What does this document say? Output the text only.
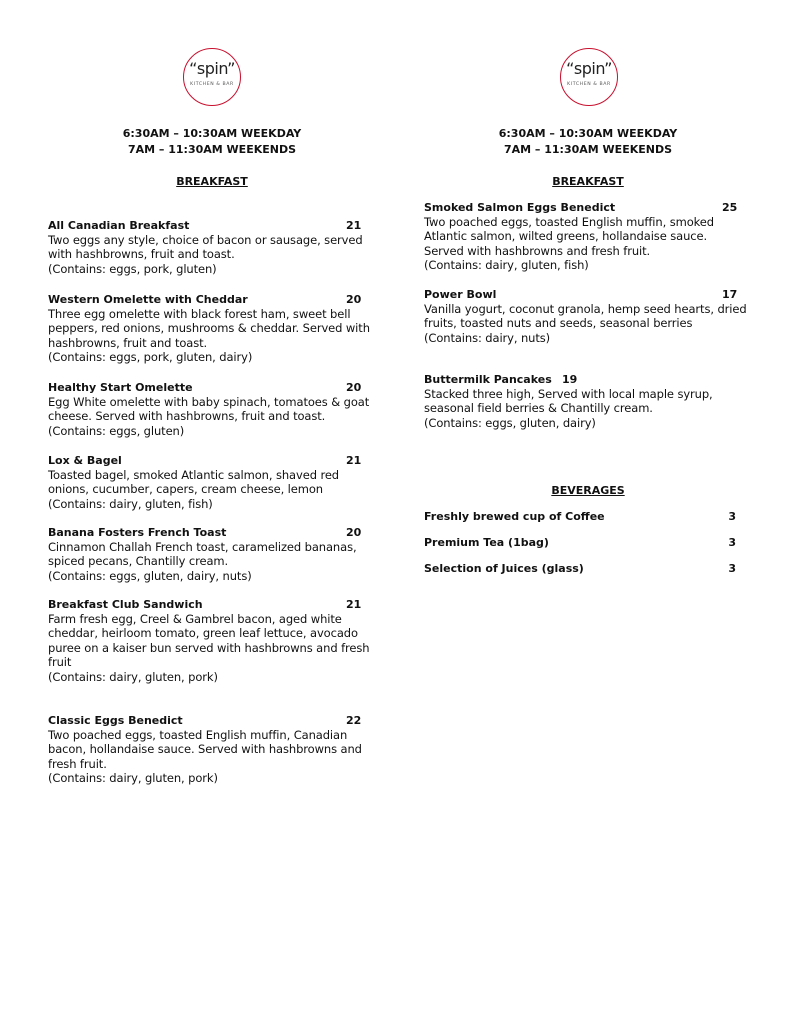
“spin”
KITCHEN & BAR
6:30AM – 10:30AM WEEKDAY
7AM – 11:30AM WEEKENDS
BREAKFAST
All Canadian Breakfast	21
Two eggs any style, choice of bacon or sausage, served
with hashbrowns, fruit and toast.
(Contains: eggs, pork, gluten)
Western Omelette with Cheddar	20
Three egg omelette with black forest ham, sweet bell
peppers, red onions, mushrooms & cheddar. Served with
hashbrowns, fruit and toast.
(Contains: eggs, pork, gluten, dairy)
Healthy Start Omelette	20
Egg White omelette with baby spinach, tomatoes & goat
cheese. Served with hashbrowns, fruit and toast.
(Contains: eggs, gluten)
Lox & Bagel	21
Toasted bagel, smoked Atlantic salmon, shaved red
onions, cucumber, capers, cream cheese, lemon
(Contains: dairy, gluten, fish)
Banana Fosters French Toast	20
Cinnamon Challah French toast, caramelized bananas,
spiced pecans, Chantilly cream.
(Contains: eggs, gluten, dairy, nuts)
Breakfast Club Sandwich	21
Farm fresh egg, Creel & Gambrel bacon, aged white
cheddar, heirloom tomato, green leaf lettuce, avocado
puree on a kaiser bun served with hashbrowns and fresh
fruit
(Contains: dairy, gluten, pork)
Classic Eggs Benedict	22
Two poached eggs, toasted English muffin, Canadian
bacon, hollandaise sauce. Served with hashbrowns and
fresh fruit.
(Contains: dairy, gluten, pork)
“spin”
KITCHEN & BAR
6:30AM – 10:30AM WEEKDAY
7AM – 11:30AM WEEKENDS
BREAKFAST
Smoked Salmon Eggs Benedict	25
Two poached eggs, toasted English muffin, smoked
Atlantic salmon, wilted greens, hollandaise sauce.
Served with hashbrowns and fresh fruit.
(Contains: dairy, gluten, fish)
Power Bowl	17
Vanilla yogurt, coconut granola, hemp seed hearts, dried
fruits, toasted nuts and seeds, seasonal berries
(Contains: dairy, nuts)
Buttermilk Pancakes 19
Stacked three high, Served with local maple syrup,
seasonal field berries & Chantilly cream.
(Contains: eggs, gluten, dairy)
BEVERAGES
Freshly brewed cup of Coffee	3
Premium Tea (1bag)	3
Selection of Juices (glass)	3
